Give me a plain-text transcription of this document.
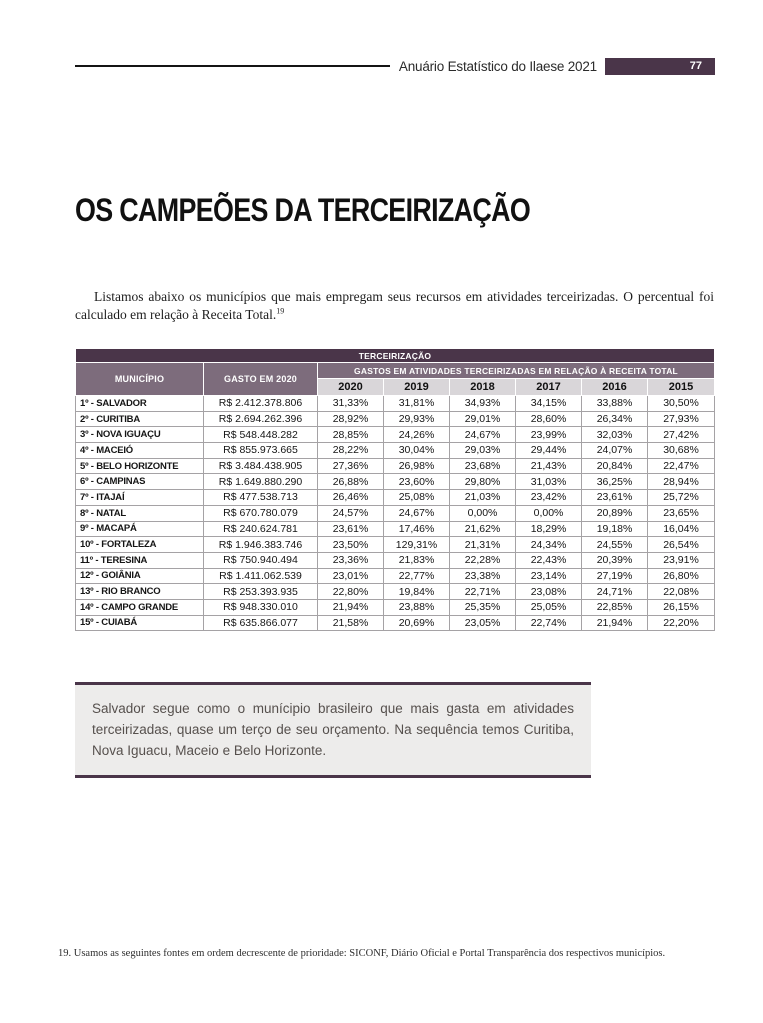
Anuário Estatístico do Ilaese 2021	77
OS CAMPEÕES DA TERCEIRIZAÇÃO

Listamos abaixo os municípios que mais empregam seus recursos em atividades terceirizadas. O percentual foi calculado em relação à Receita Total.$^{19}$

TERCEIRIZAÇÃO							
MUNICÍPIO	GASTO EM 2020	GASTOS EM ATIVIDADES TERCEIRIZADAS EM RELAÇÃO À RECEITA TOTAL					
		2020	2019	2018	2017	2016	2015
1º - SALVADOR	R$ 2.412.378.806	31,33%	31,81%	34,93%	34,15%	33,88%	30,50%
2º - CURITIBA	R$ 2.694.262.396	28,92%	29,93%	29,01%	28,60%	26,34%	27,93%
3º - NOVA IGUAÇU	R$ 548.448.282	28,85%	24,26%	24,67%	23,99%	32,03%	27,42%
4º - MACEIÓ	R$ 855.973.665	28,22%	30,04%	29,03%	29,44%	24,07%	30,68%
5º - BELO HORIZONTE	R$ 3.484.438.905	27,36%	26,98%	23,68%	21,43%	20,84%	22,47%
6º - CAMPINAS	R$ 1.649.880.290	26,88%	23,60%	29,80%	31,03%	36,25%	28,94%
7º - ITAJAÍ	R$ 477.538.713	26,46%	25,08%	21,03%	23,42%	23,61%	25,72%
8º - NATAL	R$ 670.780.079	24,57%	24,67%	0,00%	0,00%	20,89%	23,65%
9º - MACAPÁ	R$ 240.624.781	23,61%	17,46%	21,62%	18,29%	19,18%	16,04%
10º - FORTALEZA	R$ 1.946.383.746	23,50%	129,31%	21,31%	24,34%	24,55%	26,54%
11º - TERESINA	R$ 750.940.494	23,36%	21,83%	22,28%	22,43%	20,39%	23,91%
12º - GOIÂNIA	R$ 1.411.062.539	23,01%	22,77%	23,38%	23,14%	27,19%	26,80%
13º - RIO BRANCO	R$ 253.393.935	22,80%	19,84%	22,71%	23,08%	24,71%	22,08%
14º - CAMPO GRANDE	R$ 948.330.010	21,94%	23,88%	25,35%	25,05%	22,85%	26,15%
15º - CUIABÁ	R$ 635.866.077	21,58%	20,69%	23,05%	22,74%	21,94%	22,20%
Salvador segue como o munícipio brasileiro que mais gasta em atividades terceirizadas, quase um terço de seu orçamento. Na sequência temos Curitiba, Nova Iguacu, Maceio e Belo Horizonte.
19. Usamos as seguintes fontes em ordem decrescente de prioridade: SICONF, Diário Oficial e Portal Transparência dos respectivos municípios.
